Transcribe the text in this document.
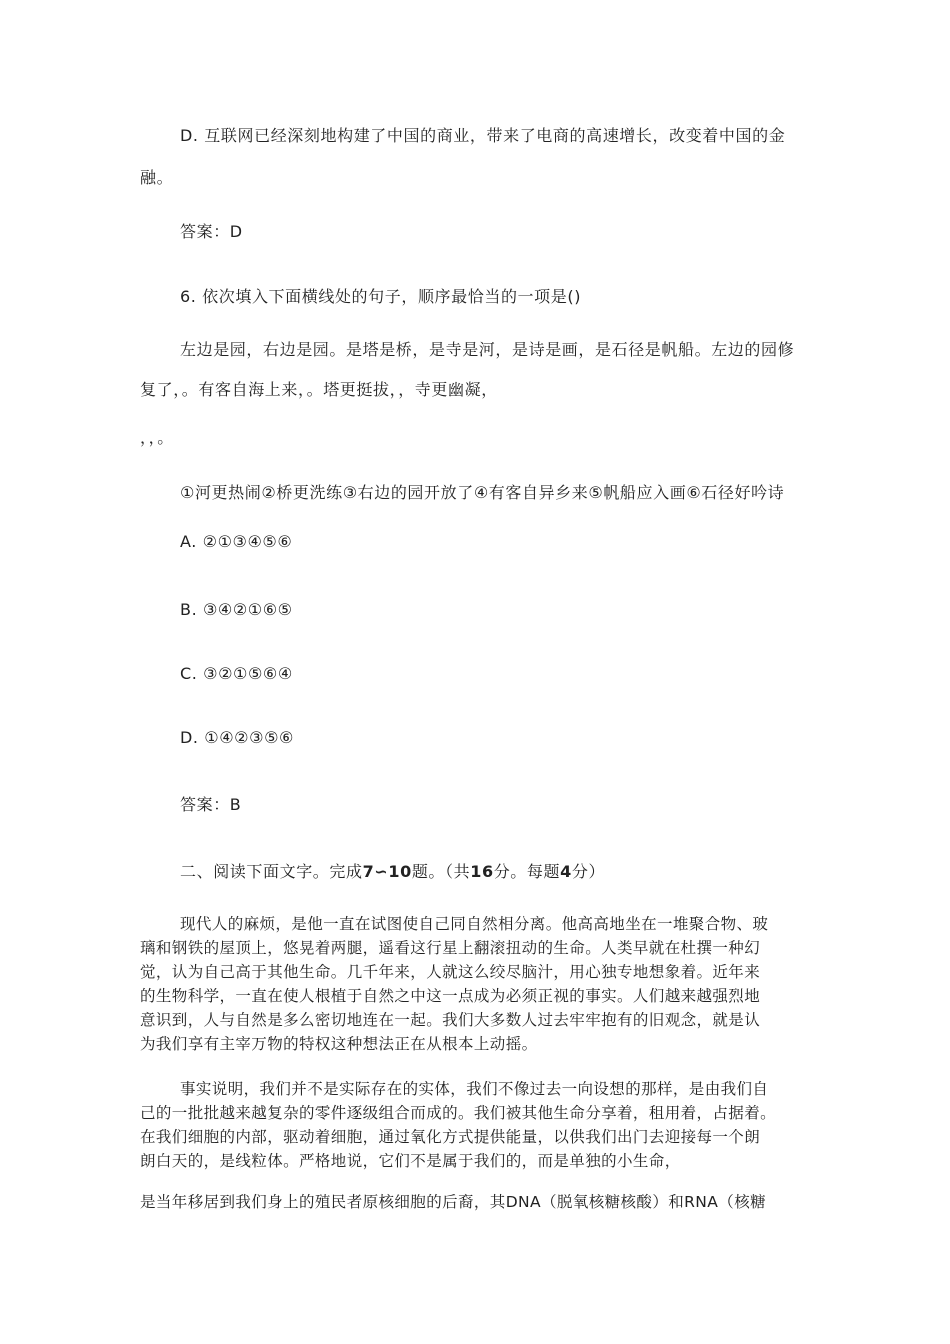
D. 互联网已经深刻地构建了中国的商业，带来了电商的高速增长，改变着中国的金
融。
答案：D
6. 依次填入下面横线处的句子，顺序最恰当的一项是()
左边是园，右边是园。是塔是桥，是寺是河，是诗是画，是石径是帆船。左边的园修
复了，。有客自海上来，。塔更挺拔，，寺更幽凝，
，，。
①河更热闹②桥更洗练③右边的园开放了④有客自异乡来⑤帆船应入画⑥石径好吟诗
A. ②①③④⑤⑥
B. ③④②①⑥⑤
C. ③②①⑤⑥④
D. ①④②③⑤⑥
答案：B
二、阅读下面文字。完成7∽10题。（共16分。每题4分）
现代人的麻烦，是他一直在试图使自己同自然相分离。他高高地坐在一堆聚合物、玻
璃和钢铁的屋顶上，悠晃着两腿，遥看这行星上翻滚扭动的生命。人类早就在杜撰一种幻
觉，认为自己高于其他生命。几千年来，人就这么绞尽脑汁，用心独专地想象着。近年来
的生物科学，一直在使人根植于自然之中这一点成为必须正视的事实。人们越来越强烈地
意识到，人与自然是多么密切地连在一起。我们大多数人过去牢牢抱有的旧观念，就是认
为我们享有主宰万物的特权这种想法正在从根本上动摇。
事实说明，我们并不是实际存在的实体，我们不像过去一向设想的那样，是由我们自
己的一批批越来越复杂的零件逐级组合而成的。我们被其他生命分享着，租用着，占据着。
在我们细胞的内部，驱动着细胞，通过氧化方式提供能量，以供我们出门去迎接每一个朗
朗白天的，是线粒体。严格地说，它们不是属于我们的，而是单独的小生命，
是当年移居到我们身上的殖民者原核细胞的后裔，其DNA（脱氧核糖核酸）和RNA（核糖
